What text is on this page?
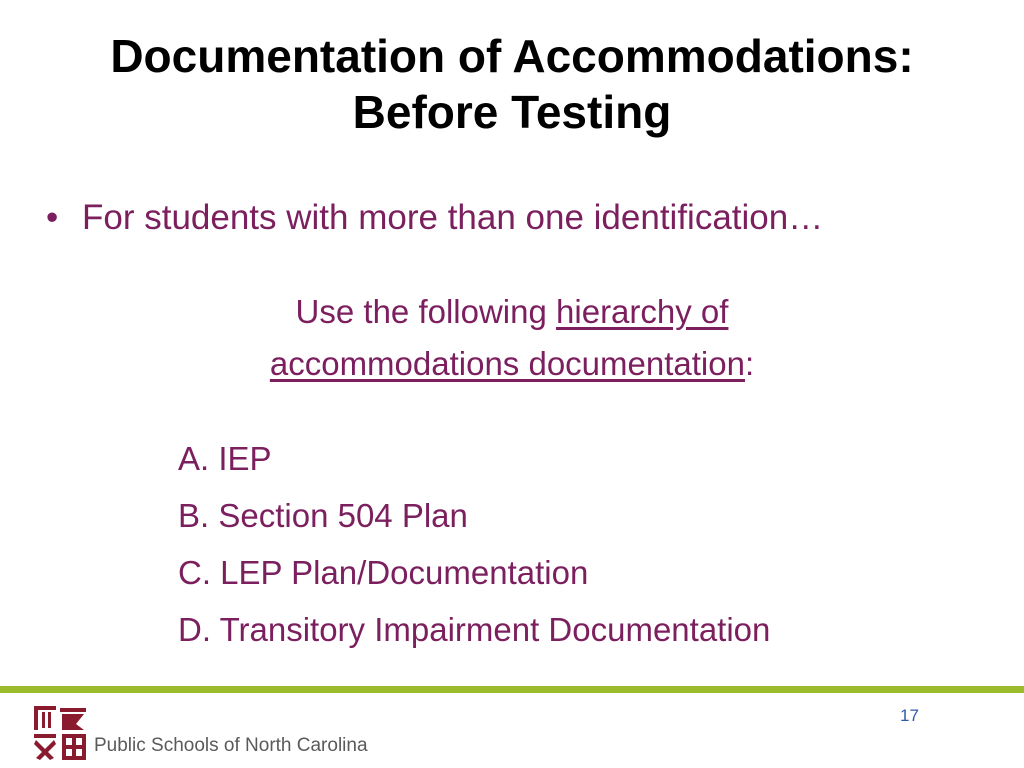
Documentation of Accommodations:
Before Testing
• For students with more than one identification…
Use the following hierarchy of
accommodations documentation:
A. IEP
B. Section 504 Plan
C. LEP Plan/Documentation
D. Transitory Impairment Documentation
17
Public Schools of North Carolina
